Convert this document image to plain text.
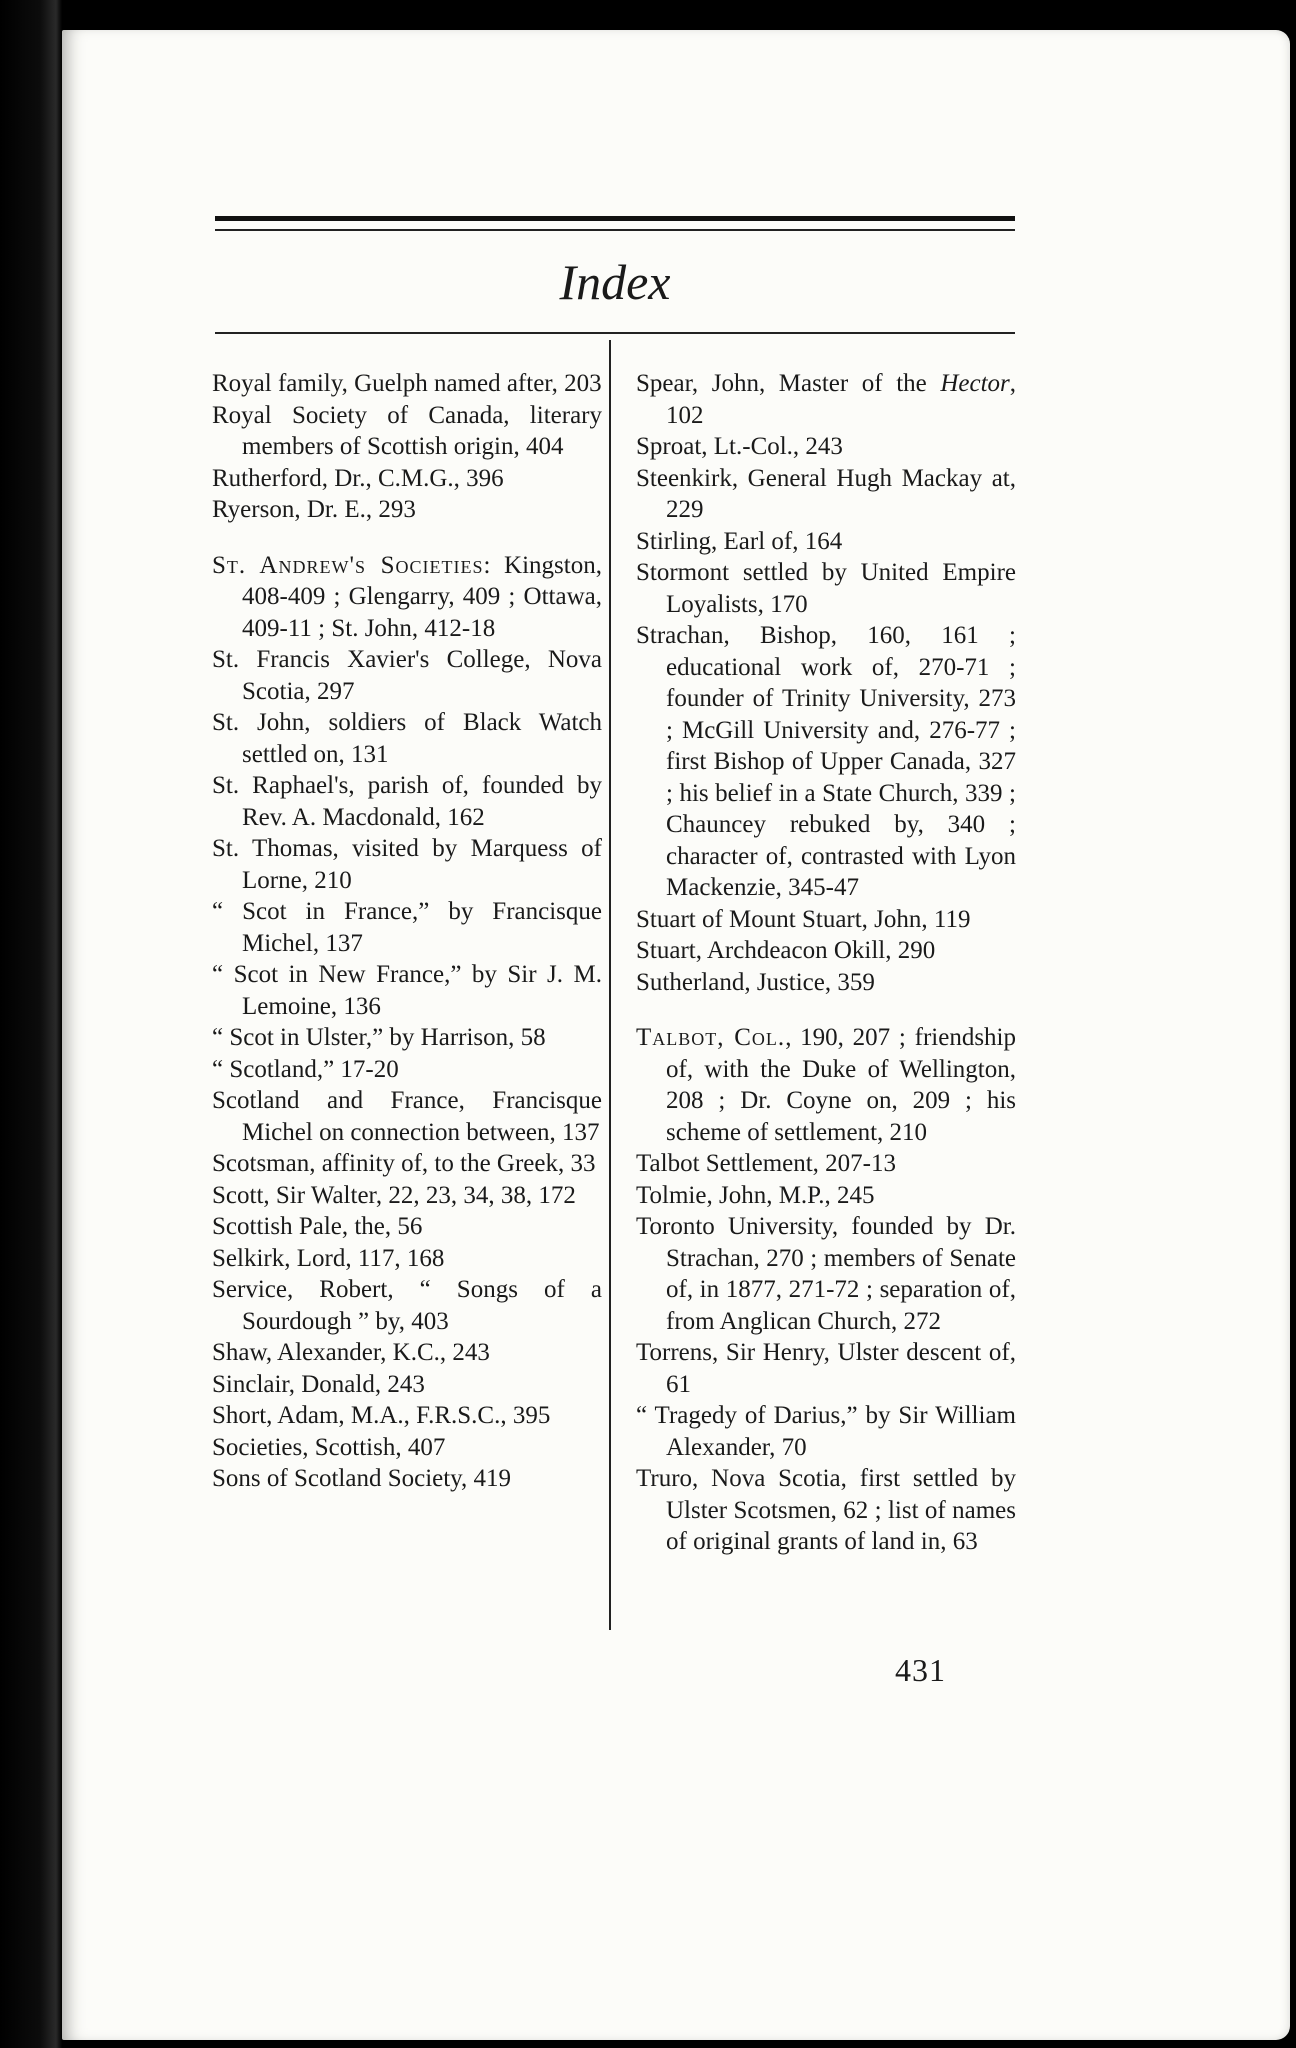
Index
Royal family, Guelph named after, 203
Royal Society of Canada, literary members of Scottish origin, 404
Rutherford, Dr., C.M.G., 396
Ryerson, Dr. E., 293
St. Andrew's Societies: Kingston, 408-409 ; Glengarry, 409 ; Ottawa, 409-11 ; St. John, 412-18
St. Francis Xavier's College, Nova Scotia, 297
St. John, soldiers of Black Watch settled on, 131
St. Raphael's, parish of, founded by Rev. A. Macdonald, 162
St. Thomas, visited by Marquess of Lorne, 210
“ Scot in France,” by Francisque Michel, 137
“ Scot in New France,” by Sir J. M. Lemoine, 136
“ Scot in Ulster,” by Harrison, 58
“ Scotland,” 17-20
Scotland and France, Francisque Michel on connection between, 137
Scotsman, affinity of, to the Greek, 33
Scott, Sir Walter, 22, 23, 34, 38, 172
Scottish Pale, the, 56
Selkirk, Lord, 117, 168
Service, Robert, “ Songs of a Sourdough ” by, 403
Shaw, Alexander, K.C., 243
Sinclair, Donald, 243
Short, Adam, M.A., F.R.S.C., 395
Societies, Scottish, 407
Sons of Scotland Society, 419
Spear, John, Master of the Hector, 102
Sproat, Lt.-Col., 243
Steenkirk, General Hugh Mackay at, 229
Stirling, Earl of, 164
Stormont settled by United Empire Loyalists, 170
Strachan, Bishop, 160, 161 ; educational work of, 270-71 ; founder of Trinity University, 273 ; McGill University and, 276-77 ; first Bishop of Upper Canada, 327 ; his belief in a State Church, 339 ; Chauncey rebuked by, 340 ; character of, contrasted with Lyon Mackenzie, 345-47
Stuart of Mount Stuart, John, 119
Stuart, Archdeacon Okill, 290
Sutherland, Justice, 359
Talbot, Col., 190, 207 ; friendship of, with the Duke of Wellington, 208 ; Dr. Coyne on, 209 ; his scheme of settlement, 210
Talbot Settlement, 207-13
Tolmie, John, M.P., 245
Toronto University, founded by Dr. Strachan, 270 ; members of Senate of, in 1877, 271-72 ; separation of, from Anglican Church, 272
Torrens, Sir Henry, Ulster descent of, 61
“ Tragedy of Darius,” by Sir William Alexander, 70
Truro, Nova Scotia, first settled by Ulster Scotsmen, 62 ; list of names of original grants of land in, 63
431
